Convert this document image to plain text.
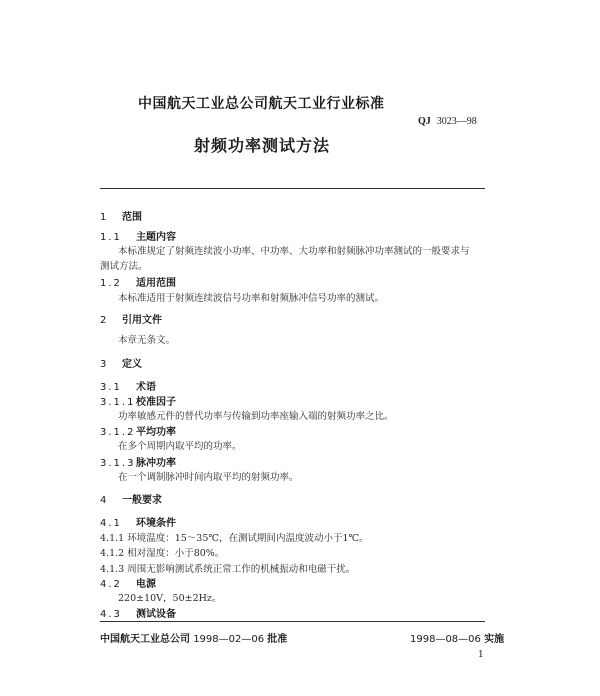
中国航天工业总公司航天工业行业标准
QJ 3023—98
射频功率测试方法
1 范围
1.1 主题内容
本标准规定了射频连续波小功率、中功率、大功率和射频脉冲功率测试的一般要求与
测试方法。
1.2 适用范围
本标准适用于射频连续波信号功率和射频脉冲信号功率的测试。
2 引用文件
本章无条文。
3 定义
3.1 术语
3.1.1校准因子
功率敏感元件的替代功率与传输到功率座输入端的射频功率之比。
3.1.2平均功率
在多个周期内取平均的功率。
3.1.3脉冲功率
在一个调制脉冲时间内取平均的射频功率。
4 一般要求
4.1 环境条件
4.1.1 环境温度：15～35℃，在测试期间内温度波动小于1℃。
4.1.2 相对湿度：小于80%。
4.1.3 周围无影响测试系统正常工作的机械振动和电磁干扰。
4.2 电源
220±10V，50±2Hz。
4.3 测试设备
中国航天工业总公司 1998—02—06 批准	1998—08—06 实施
1
